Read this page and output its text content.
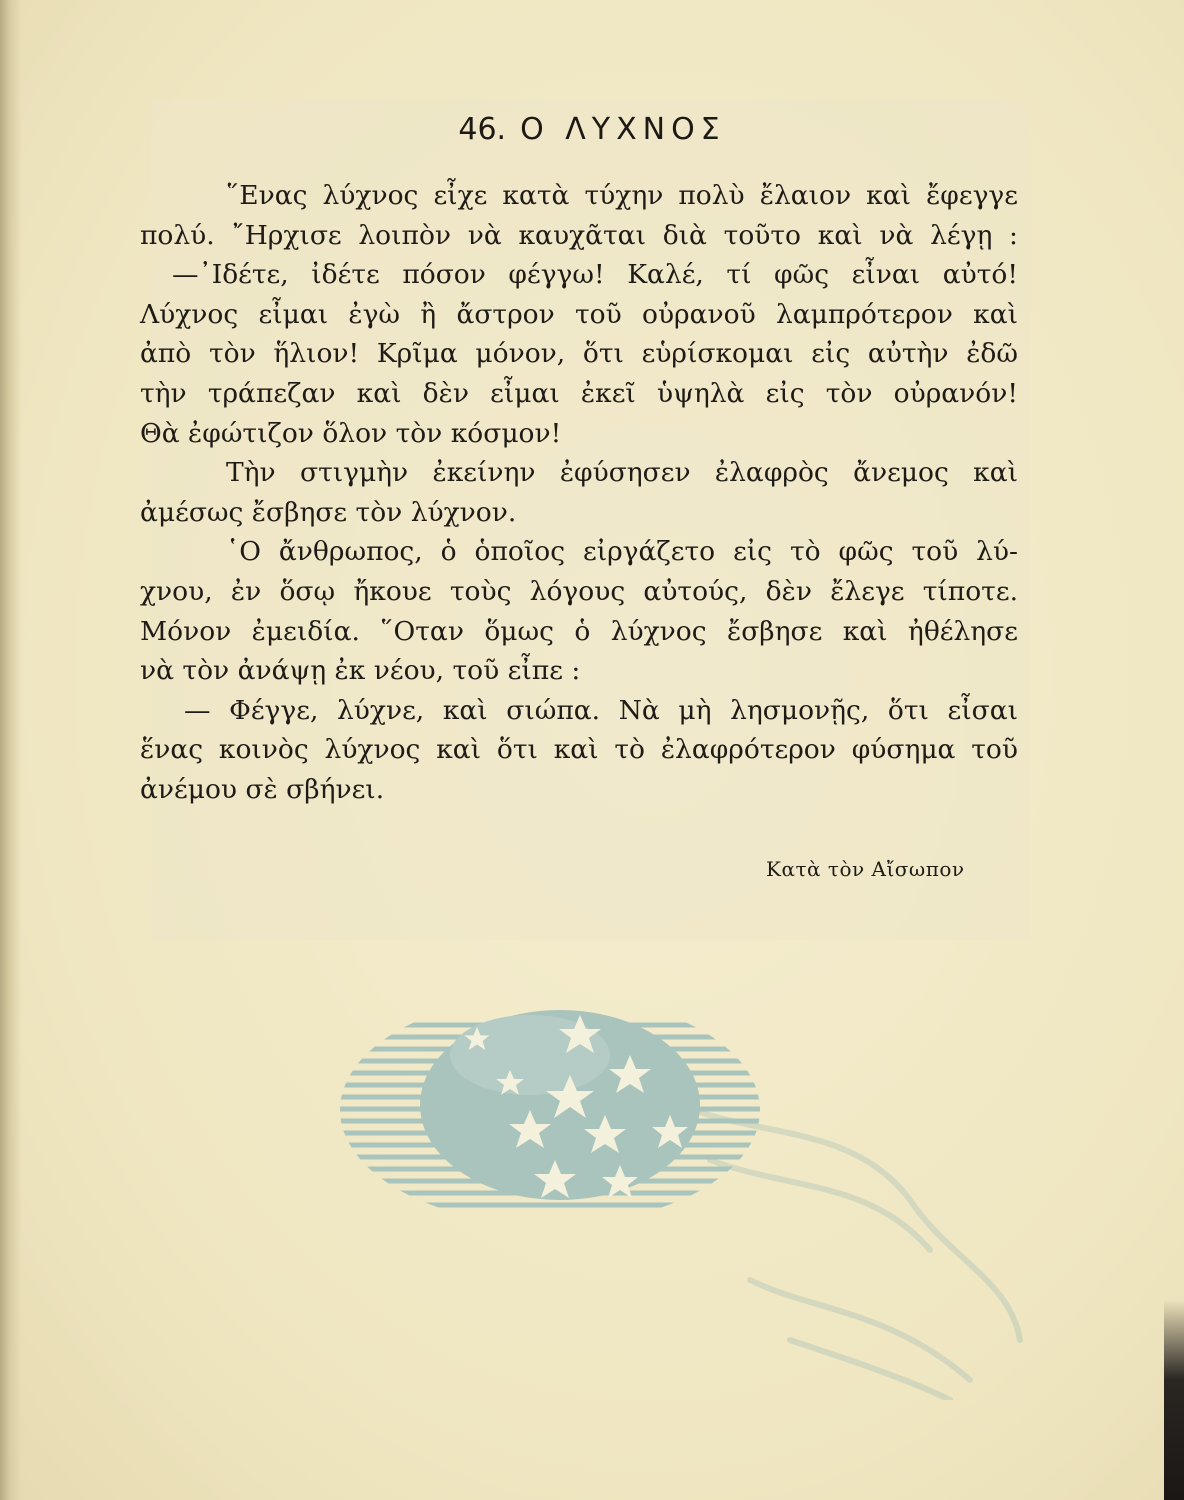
46. Ο ΛΥΧΝΟΣ
῞Ενας λύχνος εἶχε κατὰ τύχην πολὺ ἔλαιον καὶ ἔφεγγε
πολύ. ῎Ηρχισε λοιπὸν νὰ καυχᾶται διὰ τοῦτο καὶ νὰ λέγῃ :
—᾿Ιδέτε, ἰδέτε πόσον φέγγω! Καλέ, τί φῶς εἶναι αὐτό!
Λύχνος εἶμαι ἐγὼ ἢ ἄστρον τοῦ οὐρανοῦ λαμπρότερον καὶ
ἀπὸ τὸν ἥλιον! Κρῖμα μόνον, ὅτι εὑρίσκομαι εἰς αὐτὴν ἐδῶ
τὴν τράπεζαν καὶ δὲν εἶμαι ἐκεῖ ὑψηλὰ εἰς τὸν οὐρανόν!
Θὰ ἐφώτιζον ὅλον τὸν κόσμον!
Τὴν στιγμὴν ἐκείνην ἐφύσησεν ἐλαφρὸς ἄνεμος καὶ
ἀμέσως ἔσβησε τὸν λύχνον.
῾Ο ἄνθρωπος, ὁ ὁποῖος εἰργάζετο εἰς τὸ φῶς τοῦ λύ-
χνου, ἐν ὅσῳ ἤκουε τοὺς λόγους αὐτούς, δὲν ἔλεγε τίποτε.
Μόνον ἐμειδία. ῞Οταν ὅμως ὁ λύχνος ἔσβησε καὶ ἠθέλησε
νὰ τὸν ἀνάψῃ ἐκ νέου, τοῦ εἶπε :
— Φέγγε, λύχνε, καὶ σιώπα. Νὰ μὴ λησμονῇς, ὅτι εἶσαι
ἕνας κοινὸς λύχνος καὶ ὅτι καὶ τὸ ἐλαφρότερον φύσημα τοῦ
ἀνέμου σὲ σβήνει.
Κατὰ τὸν Αἴσωπον
